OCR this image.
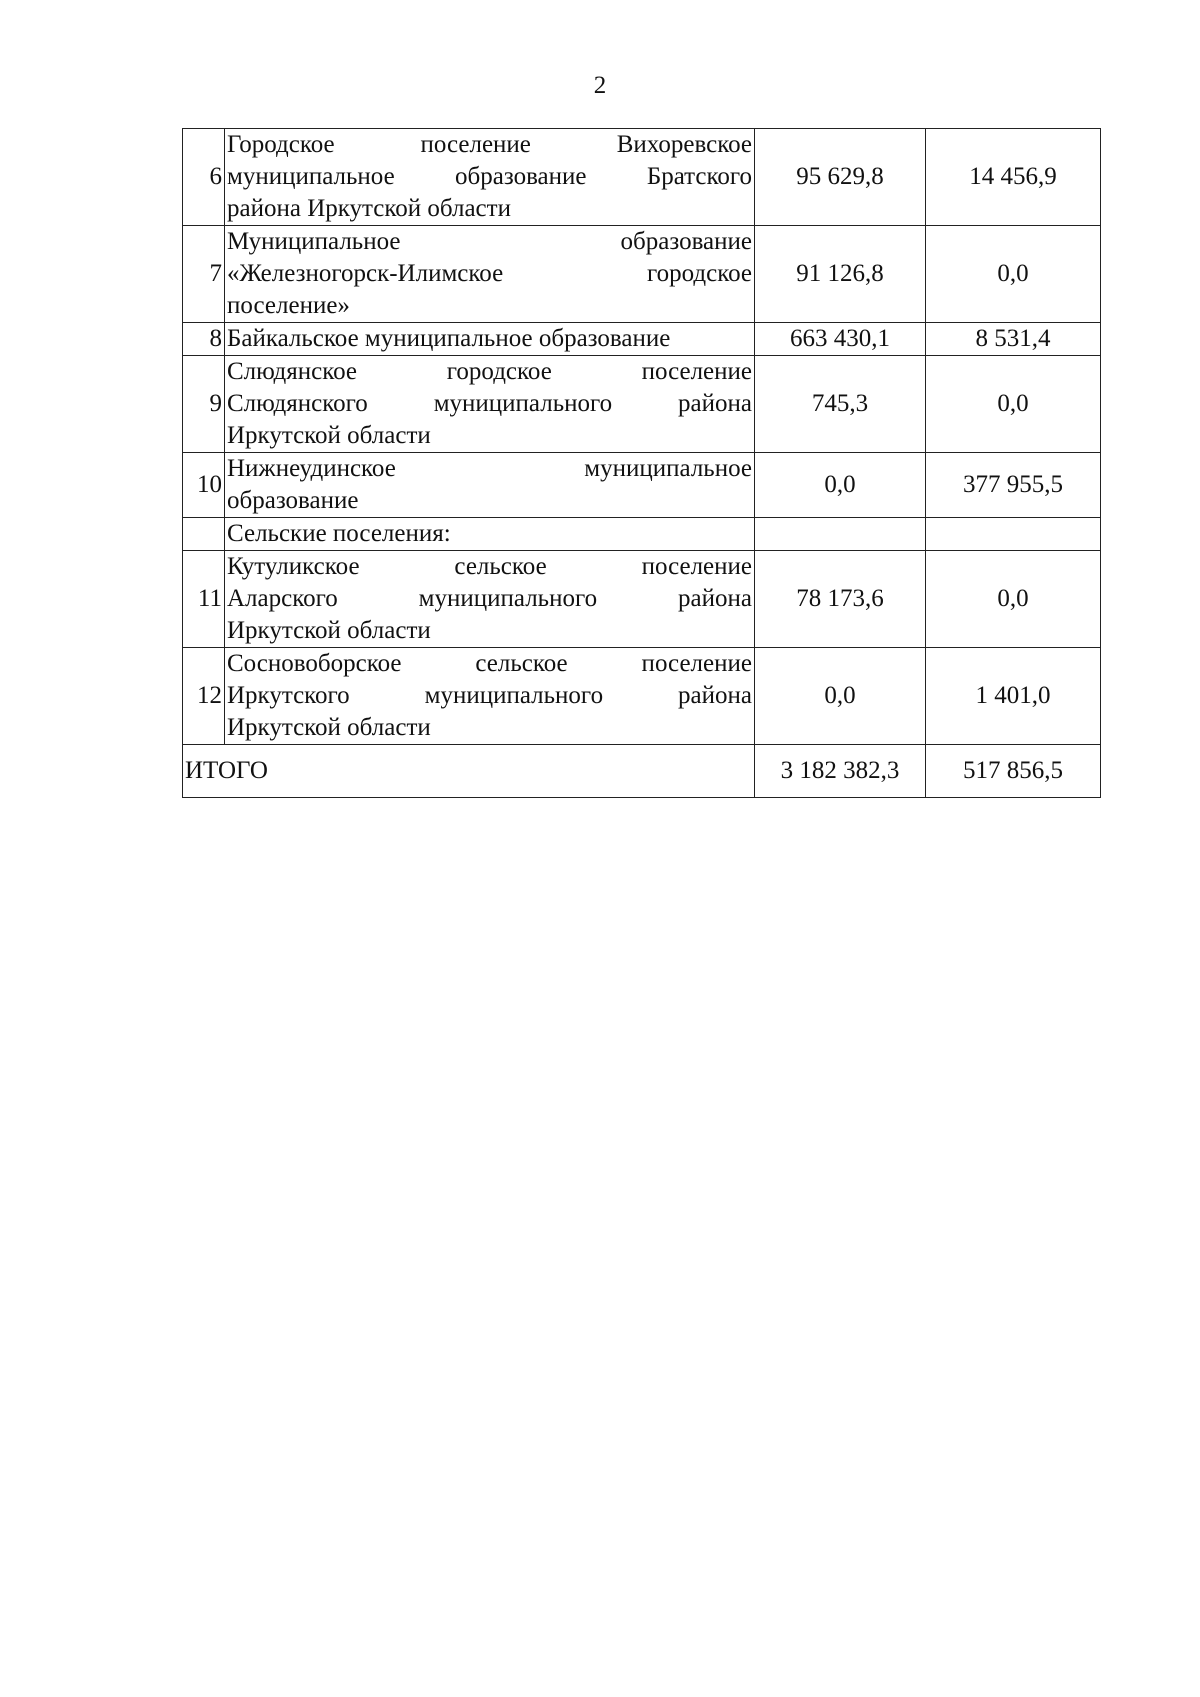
2
6	Городское поселение Вихоревское
муниципальное образование Братского
района Иркутской области	95 629,8	14 456,9
7	Муниципальное образование
«Железногорск-Илимское городское
поселение»	91 126,8	0,0
8	Байкальское муниципальное образование	663 430,1	8 531,4
9	Слюдянское городское поселение
Слюдянского муниципального района
Иркутской области	745,3	0,0
10	Нижнеудинское муниципальное
образование	0,0	377 955,5

	Сельские поселения:		

11	Кутуликское сельское поселение
Аларского муниципального района
Иркутской области	78 173,6	0,0
12	Сосновоборское сельское поселение
Иркутского муниципального района
Иркутской области	0,0	1 401,0
ИТОГО		3 182 382,3	517 856,5
